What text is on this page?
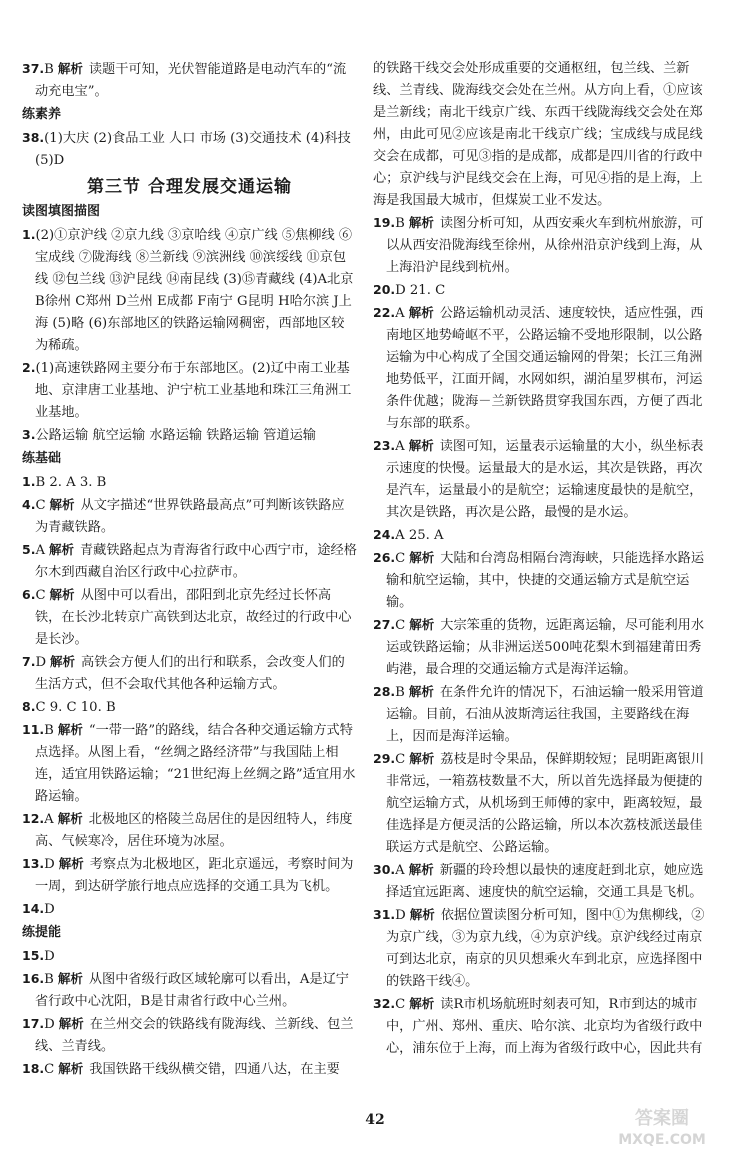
37.B 解析 读题干可知，光伏智能道路是电动汽车的“流动充电宝”。

练素养

38.(1)大庆 (2)食品工业 人口 市场 (3)交通技术 (4)科技 (5)D

第三节 合理发展交通运输
读图填图描图

1.(2)①京沪线 ②京九线 ③京哈线 ④京广线 ⑤焦柳线 ⑥宝成线 ⑦陇海线 ⑧兰新线 ⑨滨洲线 ⑩滨绥线 ⑪京包线 ⑫包兰线 ⑬沪昆线 ⑭南昆线 (3)⑮青藏线 (4)A北京 B徐州 C郑州 D兰州 E成都 F南宁 G昆明 H哈尔滨 J上海 (5)略 (6)东部地区的铁路运输网稠密，西部地区较为稀疏。

2.(1)高速铁路网主要分布于东部地区。(2)辽中南工业基地、京津唐工业基地、沪宁杭工业基地和珠江三角洲工业基地。

3.公路运输 航空运输 水路运输 铁路运输 管道运输

练基础

1.B 2. A 3. B

4.C 解析 从文字描述“世界铁路最高点”可判断该铁路应为青藏铁路。

5.A 解析 青藏铁路起点为青海省行政中心西宁市，途经格尔木到西藏自治区行政中心拉萨市。

6.C 解析 从图中可以看出，邵阳到北京先经过长怀高铁，在长沙北转京广高铁到达北京，故经过的行政中心是长沙。

7.D 解析 高铁会方便人们的出行和联系，会改变人们的生活方式，但不会取代其他各种运输方式。

8.C 9. C 10. B

11.B 解析 “一带一路”的路线，结合各种交通运输方式特点选择。从图上看，“丝绸之路经济带”与我国陆上相连，适宜用铁路运输；“21世纪海上丝绸之路”适宜用水路运输。

12.A 解析 北极地区的格陵兰岛居住的是因纽特人，纬度高、气候寒冷，居住环境为冰屋。

13.D 解析 考察点为北极地区，距北京遥远，考察时间为一周，到达研学旅行地点应选择的交通工具为飞机。

14.D

练提能

15.D

16.B 解析 从图中省级行政区域轮廓可以看出，A是辽宁省行政中心沈阳，B是甘肃省行政中心兰州。

17.D 解析 在兰州交会的铁路线有陇海线、兰新线、包兰线、兰青线。

18.C 解析 我国铁路干线纵横交错，四通八达，在主要

的铁路干线交会处形成重要的交通枢纽，包兰线、兰新线、兰青线、陇海线交会处在兰州。从方向上看，①应该是兰新线；南北干线京广线、东西干线陇海线交会处在郑州，由此可见②应该是南北干线京广线；宝成线与成昆线交会在成都，可见③指的是成都，成都是四川省的行政中心；京沪线与沪昆线交会在上海，可见④指的是上海，上海是我国最大城市，但煤炭工业不发达。

19.B 解析 读图分析可知，从西安乘火车到杭州旅游，可以从西安沿陇海线至徐州，从徐州沿京沪线到上海，从上海沿沪昆线到杭州。

20.D 21. C

22.A 解析 公路运输机动灵活、速度较快，适应性强，西南地区地势崎岖不平，公路运输不受地形限制，以公路运输为中心构成了全国交通运输网的骨架；长江三角洲地势低平，江面开阔，水网如织，湖泊星罗棋布，河运条件优越；陇海－兰新铁路贯穿我国东西，方便了西北与东部的联系。

23.A 解析 读图可知，运量表示运输量的大小，纵坐标表示速度的快慢。运量最大的是水运，其次是铁路，再次是汽车，运量最小的是航空；运输速度最快的是航空，其次是铁路，再次是公路，最慢的是水运。

24.A 25. A

26.C 解析 大陆和台湾岛相隔台湾海峡，只能选择水路运输和航空运输，其中，快捷的交通运输方式是航空运输。

27.C 解析 大宗笨重的货物，远距离运输，尽可能利用水运或铁路运输；从非洲运送500吨花梨木到福建莆田秀屿港，最合理的交通运输方式是海洋运输。

28.B 解析 在条件允许的情况下，石油运输一般采用管道运输。目前，石油从波斯湾运往我国，主要路线在海上，因而是海洋运输。

29.C 解析 荔枝是时令果品，保鲜期较短；昆明距离银川非常远，一箱荔枝数量不大，所以首先选择最为便捷的航空运输方式，从机场到王师傅的家中，距离较短，最佳选择是方便灵活的公路运输，所以本次荔枝派送最佳联运方式是航空、公路运输。

30.A 解析 新疆的玲玲想以最快的速度赶到北京，她应选择适宜远距离、速度快的航空运输，交通工具是飞机。

31.D 解析 依据位置读图分析可知，图中①为焦柳线，②为京广线，③为京九线，④为京沪线。京沪线经过南京可到达北京，南京的贝贝想乘火车到北京，应选择图中的铁路干线④。

32.C 解析 读R市机场航班时刻表可知，R市到达的城市中，广州、郑州、重庆、哈尔滨、北京均为省级行政中心，浦东位于上海，而上海为省级行政中心，因此共有

42	答案圈
MXQE.COM
